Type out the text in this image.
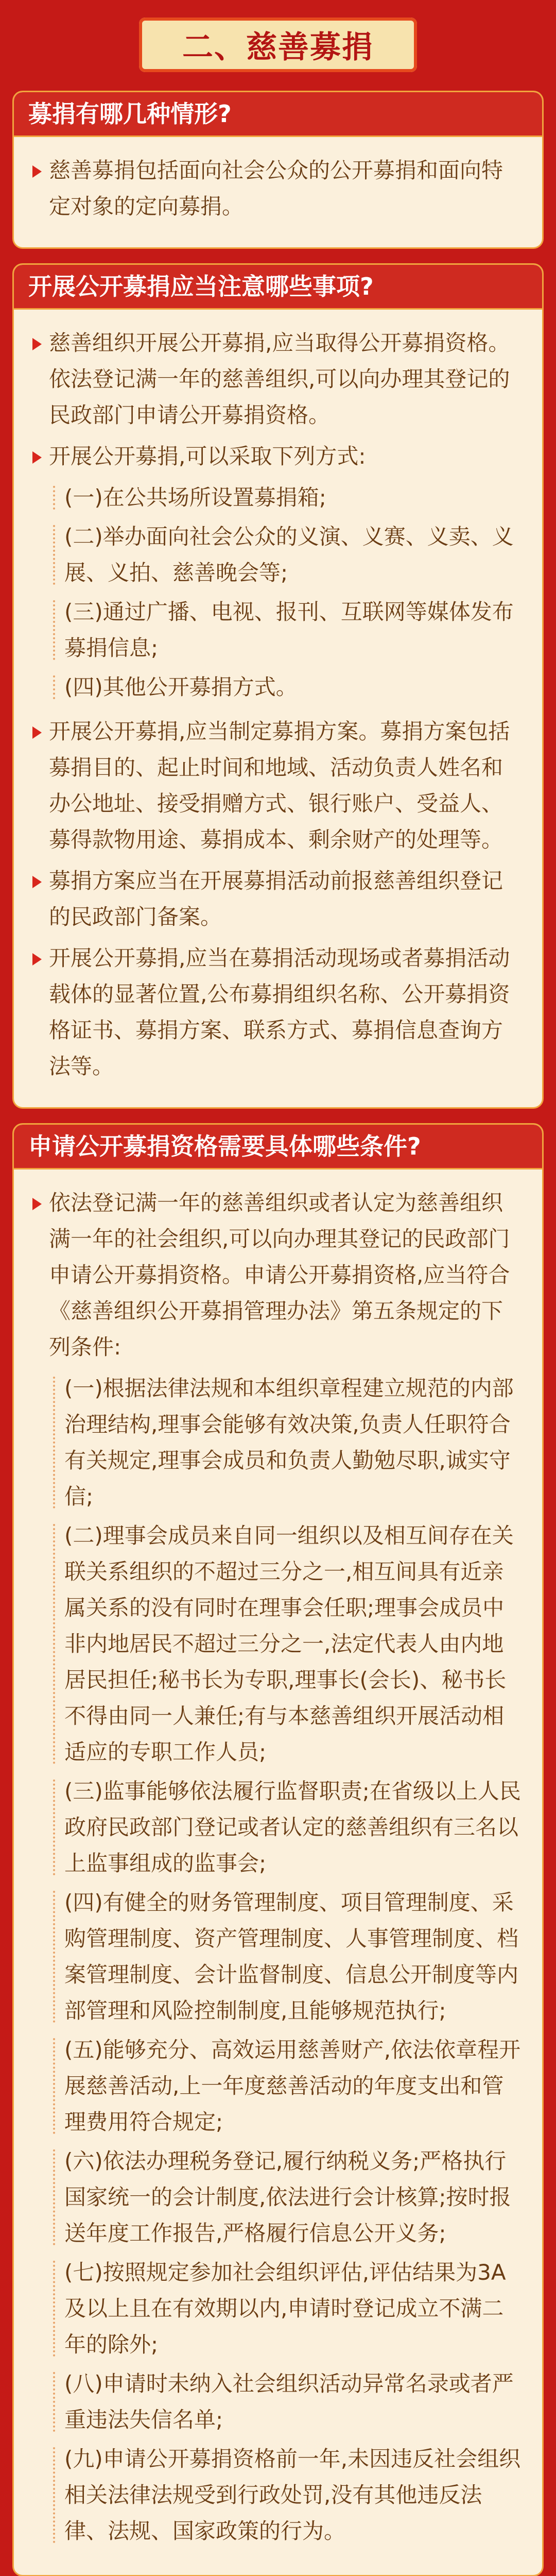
二、慈善募捐
募捐有哪几种情形?
慈善募捐包括面向社会公众的公开募捐和面向特定对象的定向募捐。
开展公开募捐应当注意哪些事项?
慈善组织开展公开募捐,应当取得公开募捐资格。依法登记满一年的慈善组织,可以向办理其登记的民政部门申请公开募捐资格。
开展公开募捐,可以采取下列方式:
(一)在公共场所设置募捐箱;
(二)举办面向社会公众的义演、义赛、义卖、义展、义拍、慈善晚会等;
(三)通过广播、电视、报刊、互联网等媒体发布募捐信息;
(四)其他公开募捐方式。
开展公开募捐,应当制定募捐方案。募捐方案包括募捐目的、起止时间和地域、活动负责人姓名和办公地址、接受捐赠方式、银行账户、受益人、募得款物用途、募捐成本、剩余财产的处理等。
募捐方案应当在开展募捐活动前报慈善组织登记的民政部门备案。
开展公开募捐,应当在募捐活动现场或者募捐活动载体的显著位置,公布募捐组织名称、公开募捐资格证书、募捐方案、联系方式、募捐信息查询方法等。
申请公开募捐资格需要具体哪些条件?
依法登记满一年的慈善组织或者认定为慈善组织满一年的社会组织,可以向办理其登记的民政部门申请公开募捐资格。申请公开募捐资格,应当符合《慈善组织公开募捐管理办法》第五条规定的下列条件:
(一)根据法律法规和本组织章程建立规范的内部治理结构,理事会能够有效决策,负责人任职符合有关规定,理事会成员和负责人勤勉尽职,诚实守信;
(二)理事会成员来自同一组织以及相互间存在关联关系组织的不超过三分之一,相互间具有近亲属关系的没有同时在理事会任职;理事会成员中非内地居民不超过三分之一,法定代表人由内地居民担任;秘书长为专职,理事长(会长)、秘书长不得由同一人兼任;有与本慈善组织开展活动相适应的专职工作人员;
(三)监事能够依法履行监督职责;在省级以上人民政府民政部门登记或者认定的慈善组织有三名以上监事组成的监事会;
(四)有健全的财务管理制度、项目管理制度、采购管理制度、资产管理制度、人事管理制度、档案管理制度、会计监督制度、信息公开制度等内部管理和风险控制制度,且能够规范执行;
(五)能够充分、高效运用慈善财产,依法依章程开展慈善活动,上一年度慈善活动的年度支出和管理费用符合规定;
(六)依法办理税务登记,履行纳税义务;严格执行国家统一的会计制度,依法进行会计核算;按时报送年度工作报告,严格履行信息公开义务;
(七)按照规定参加社会组织评估,评估结果为3A及以上且在有效期以内,申请时登记成立不满二年的除外;
(八)申请时未纳入社会组织活动异常名录或者严重违法失信名单;
(九)申请公开募捐资格前一年,未因违反社会组织相关法律法规受到行政处罚,没有其他违反法律、法规、国家政策的行为。
